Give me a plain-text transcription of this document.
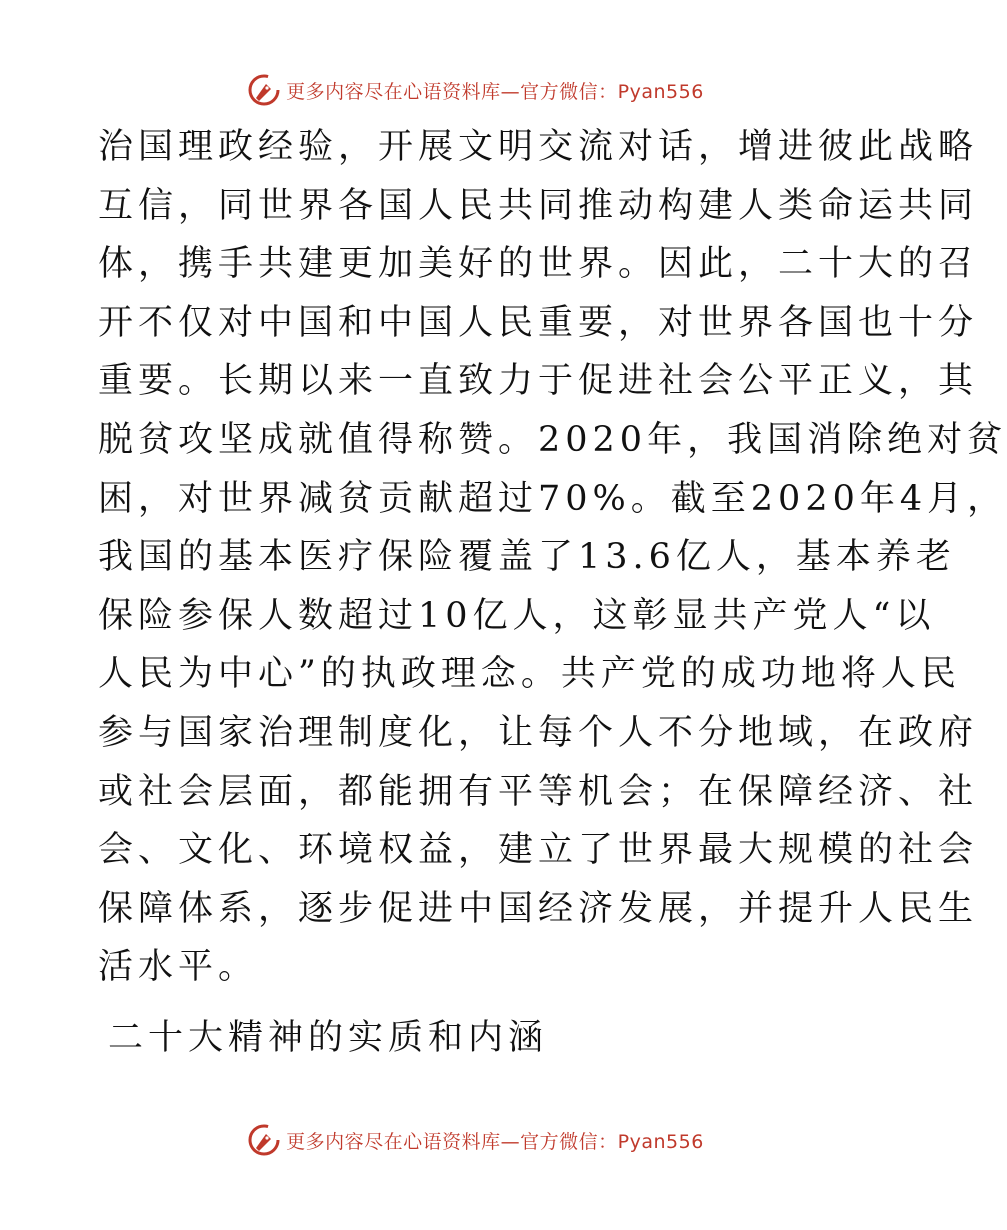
更多内容尽在心语资料库—官方微信：Pyan556
治国理政经验，开展文明交流对话，增进彼此战略
互信，同世界各国人民共同推动构建人类命运共同
体，携手共建更加美好的世界。因此，二十大的召
开不仅对中国和中国人民重要，对世界各国也十分
重要。长期以来一直致力于促进社会公平正义，其
脱贫攻坚成就值得称赞。2020年，我国消除绝对贫
困，对世界减贫贡献超过70%。截至2020年4月，
我国的基本医疗保险覆盖了13.6亿人，基本养老
保险参保人数超过10亿人，这彰显共产党人“以
人民为中心”的执政理念。共产党的成功地将人民
参与国家治理制度化，让每个人不分地域，在政府
或社会层面，都能拥有平等机会；在保障经济、社
会、文化、环境权益，建立了世界最大规模的社会
保障体系，逐步促进中国经济发展，并提升人民生
活水平。
二十大精神的实质和内涵
更多内容尽在心语资料库—官方微信：Pyan556
